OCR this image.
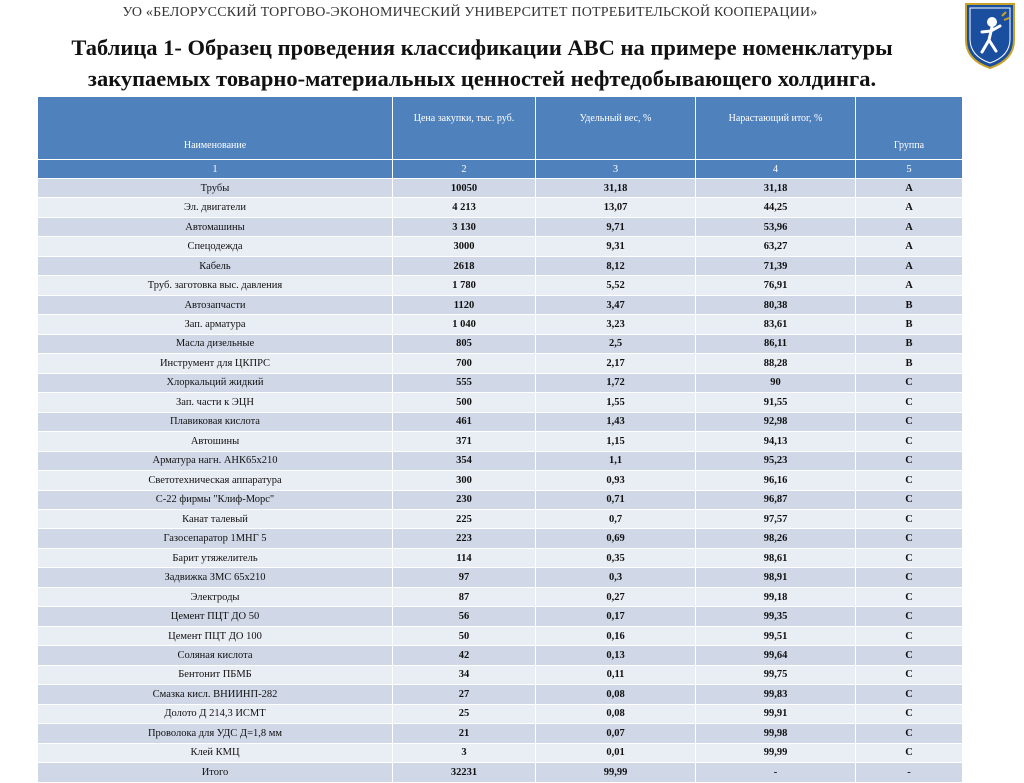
УО «БЕЛОРУССКИЙ ТОРГОВО-ЭКОНОМИЧЕСКИЙ УНИВЕРСИТЕТ ПОТРЕБИТЕЛЬСКОЙ КООПЕРАЦИИ»
Таблица 1- Образец проведения классификации АВС на примере номенклатуры
закупаемых товарно-материальных ценностей нефтедобывающего холдинга.
Наименование	Цена закупки, тыс. руб.	Удельный вес, %	Нарастающий итог, %	Группа
1	2	3	4	5
Трубы	10050	31,18	31,18	А
Эл. двигатели	4 213	13,07	44,25	А
Автомашины	3 130	9,71	53,96	А
Спецодежда	3000	9,31	63,27	А
Кабель	2618	8,12	71,39	А
Труб. заготовка выс. давления	1 780	5,52	76,91	А
Автозапчасти	1120	3,47	80,38	В
Зап. арматура	1 040	3,23	83,61	В
Масла дизельные	805	2,5	86,11	В
Инструмент для ЦКПРС	700	2,17	88,28	В
Хлоркальций жидкий	555	1,72	90	С
Зап. части к ЭЦН	500	1,55	91,55	С
Плавиковая кислота	461	1,43	92,98	С
Автошины	371	1,15	94,13	С
Арматура нагн. АНК65х210	354	1,1	95,23	С
Светотехническая аппаратура	300	0,93	96,16	С
С-22 фирмы "Клиф-Морс"	230	0,71	96,87	С
Канат талевый	225	0,7	97,57	С
Газосепаратор 1МНГ 5	223	0,69	98,26	С
Барит утяжелитель	114	0,35	98,61	С
Задвижка ЗМС 65х210	97	0,3	98,91	С
Электроды	87	0,27	99,18	С
Цемент ПЦТ ДО 50	56	0,17	99,35	С
Цемент ПЦТ ДО 100	50	0,16	99,51	С
Соляная кислота	42	0,13	99,64	С
Бентонит ПБМБ	34	0,11	99,75	С
Смазка кисл. ВНИИНП-282	27	0,08	99,83	С
Долото Д 214,3 ИСМТ	25	0,08	99,91	С
Проволока для УДС Д=1,8 мм	21	0,07	99,98	С
Клей КМЦ	3	0,01	99,99	С
Итого	32231	99,99	-	-
